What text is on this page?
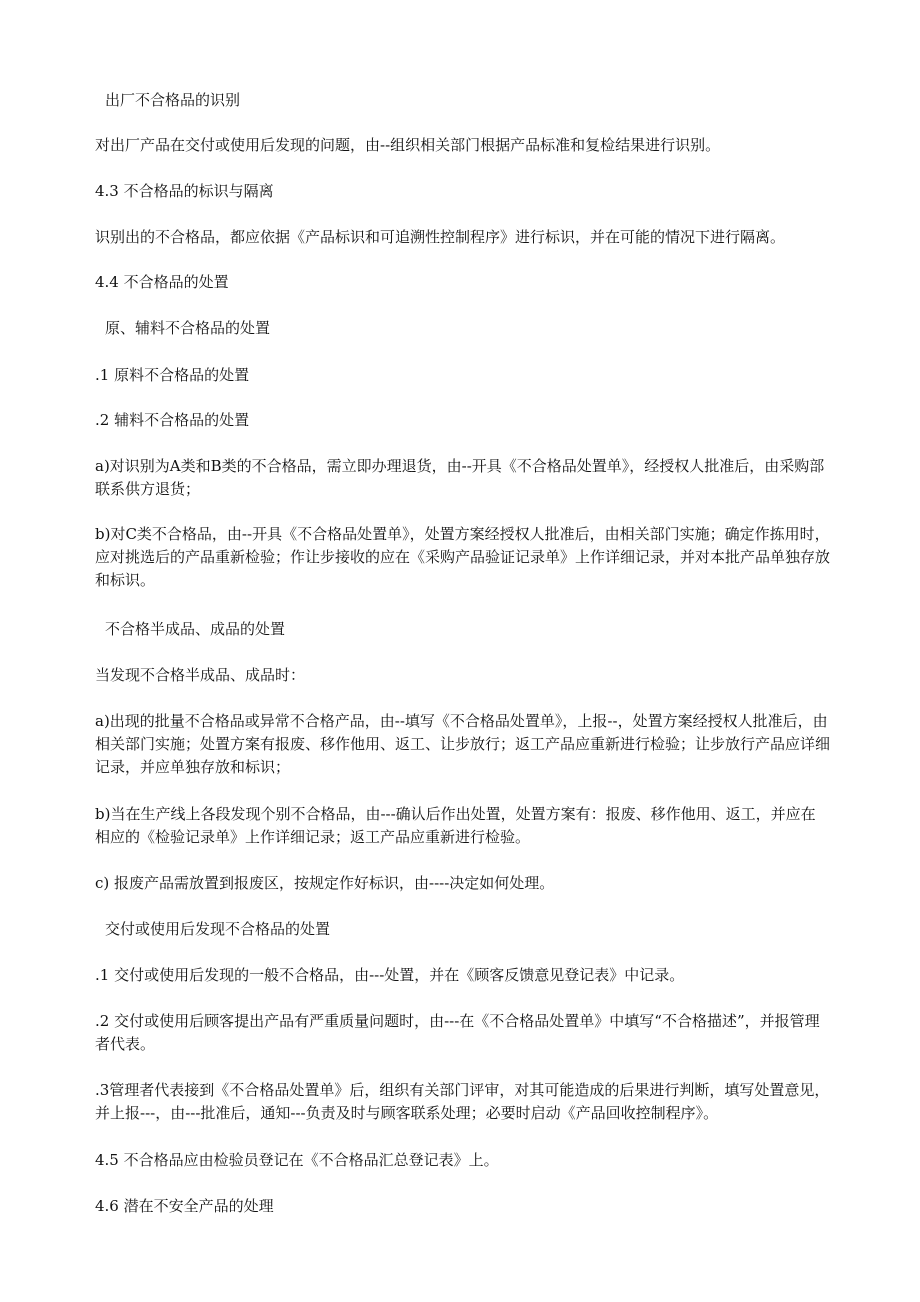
出厂不合格品的识别

对出厂产品在交付或使用后发现的问题，由--组织相关部门根据产品标准和复检结果进行识别。

4.3 不合格品的标识与隔离

识别出的不合格品，都应依据《产品标识和可追溯性控制程序》进行标识，并在可能的情况下进行隔离。

4.4 不合格品的处置

原、辅料不合格品的处置

.1 原料不合格品的处置

.2 辅料不合格品的处置

a)对识别为A类和B类的不合格品，需立即办理退货，由--开具《不合格品处置单》，经授权人批准后，由采购部联系供方退货；

b)对C类不合格品，由--开具《不合格品处置单》，处置方案经授权人批准后，由相关部门实施；确定作拣用时，应对挑选后的产品重新检验；作让步接收的应在《采购产品验证记录单》上作详细记录，并对本批产品单独存放和标识。

不合格半成品、成品的处置

当发现不合格半成品、成品时：

a)出现的批量不合格品或异常不合格产品，由--填写《不合格品处置单》，上报--，处置方案经授权人批准后，由相关部门实施；处置方案有报废、移作他用、返工、让步放行；返工产品应重新进行检验；让步放行产品应详细记录，并应单独存放和标识；

b)当在生产线上各段发现个别不合格品，由---确认后作出处置，处置方案有：报废、移作他用、返工，并应在相应的《检验记录单》上作详细记录；返工产品应重新进行检验。

c) 报废产品需放置到报废区，按规定作好标识，由----决定如何处理。

交付或使用后发现不合格品的处置

.1 交付或使用后发现的一般不合格品，由---处置，并在《顾客反馈意见登记表》中记录。

.2 交付或使用后顾客提出产品有严重质量问题时，由---在《不合格品处置单》中填写“不合格描述”，并报管理者代表。

.3管理者代表接到《不合格品处置单》后，组织有关部门评审，对其可能造成的后果进行判断，填写处置意见，并上报---，由---批准后，通知---负责及时与顾客联系处理；必要时启动《产品回收控制程序》。

4.5 不合格品应由检验员登记在《不合格品汇总登记表》上。

4.6 潜在不安全产品的处理
